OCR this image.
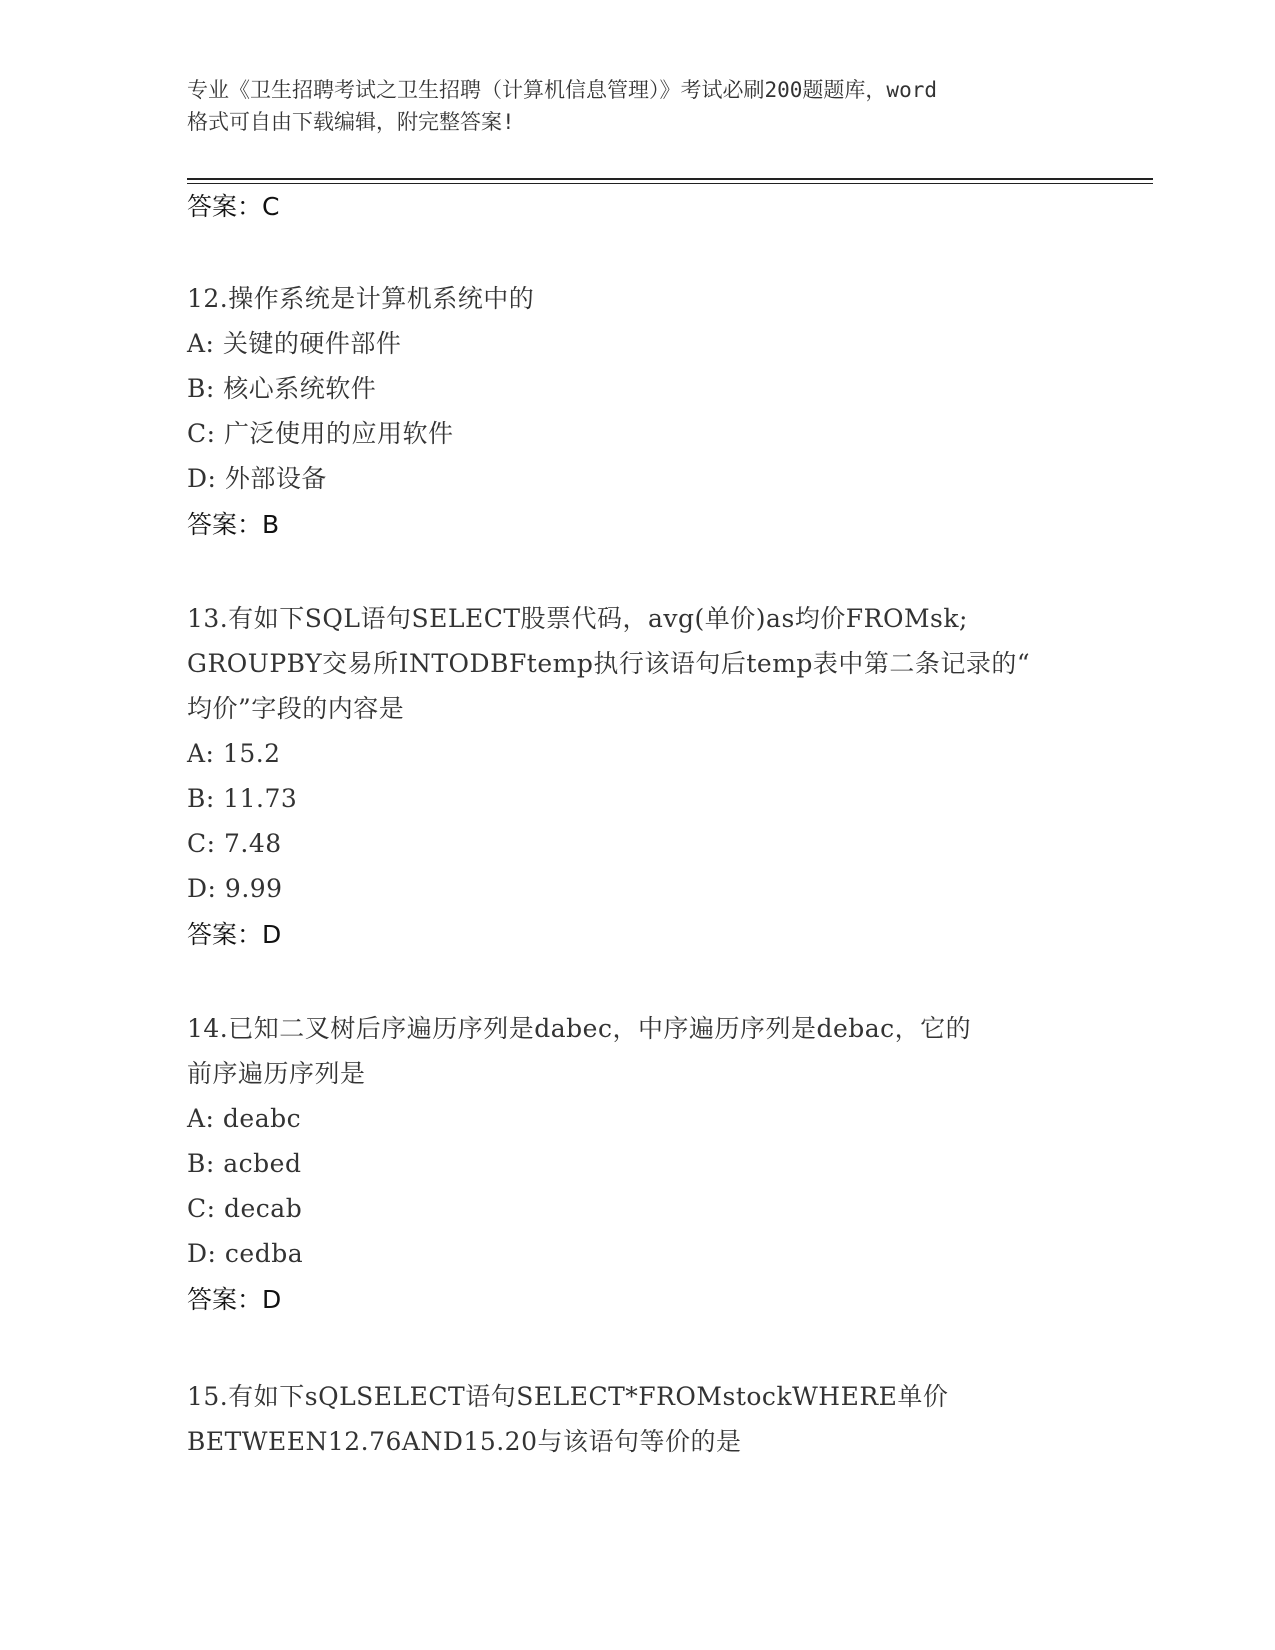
专业《卫生招聘考试之卫生招聘（计算机信息管理）》考试必刷200题题库，word
格式可自由下载编辑，附完整答案!
答案：C

12.操作系统是计算机系统中的

A: 关键的硬件部件

B: 核心系统软件

C: 广泛使用的应用软件

D: 外部设备

答案：B

13.有如下SQL语句SELECT股票代码，avg(单价)as均价FROMsk;

GROUPBY交易所INTODBFtemp执行该语句后temp表中第二条记录的“

均价”字段的内容是

A: 15.2

B: 11.73

C: 7.48

D: 9.99

答案：D

14.已知二叉树后序遍历序列是dabec，中序遍历序列是debac，它的

前序遍历序列是

A: deabc

B: acbed

C: decab

D: cedba

答案：D

15.有如下sQLSELECT语句SELECT*FROMstockWHERE单价

BETWEEN12.76AND15.20与该语句等价的是
